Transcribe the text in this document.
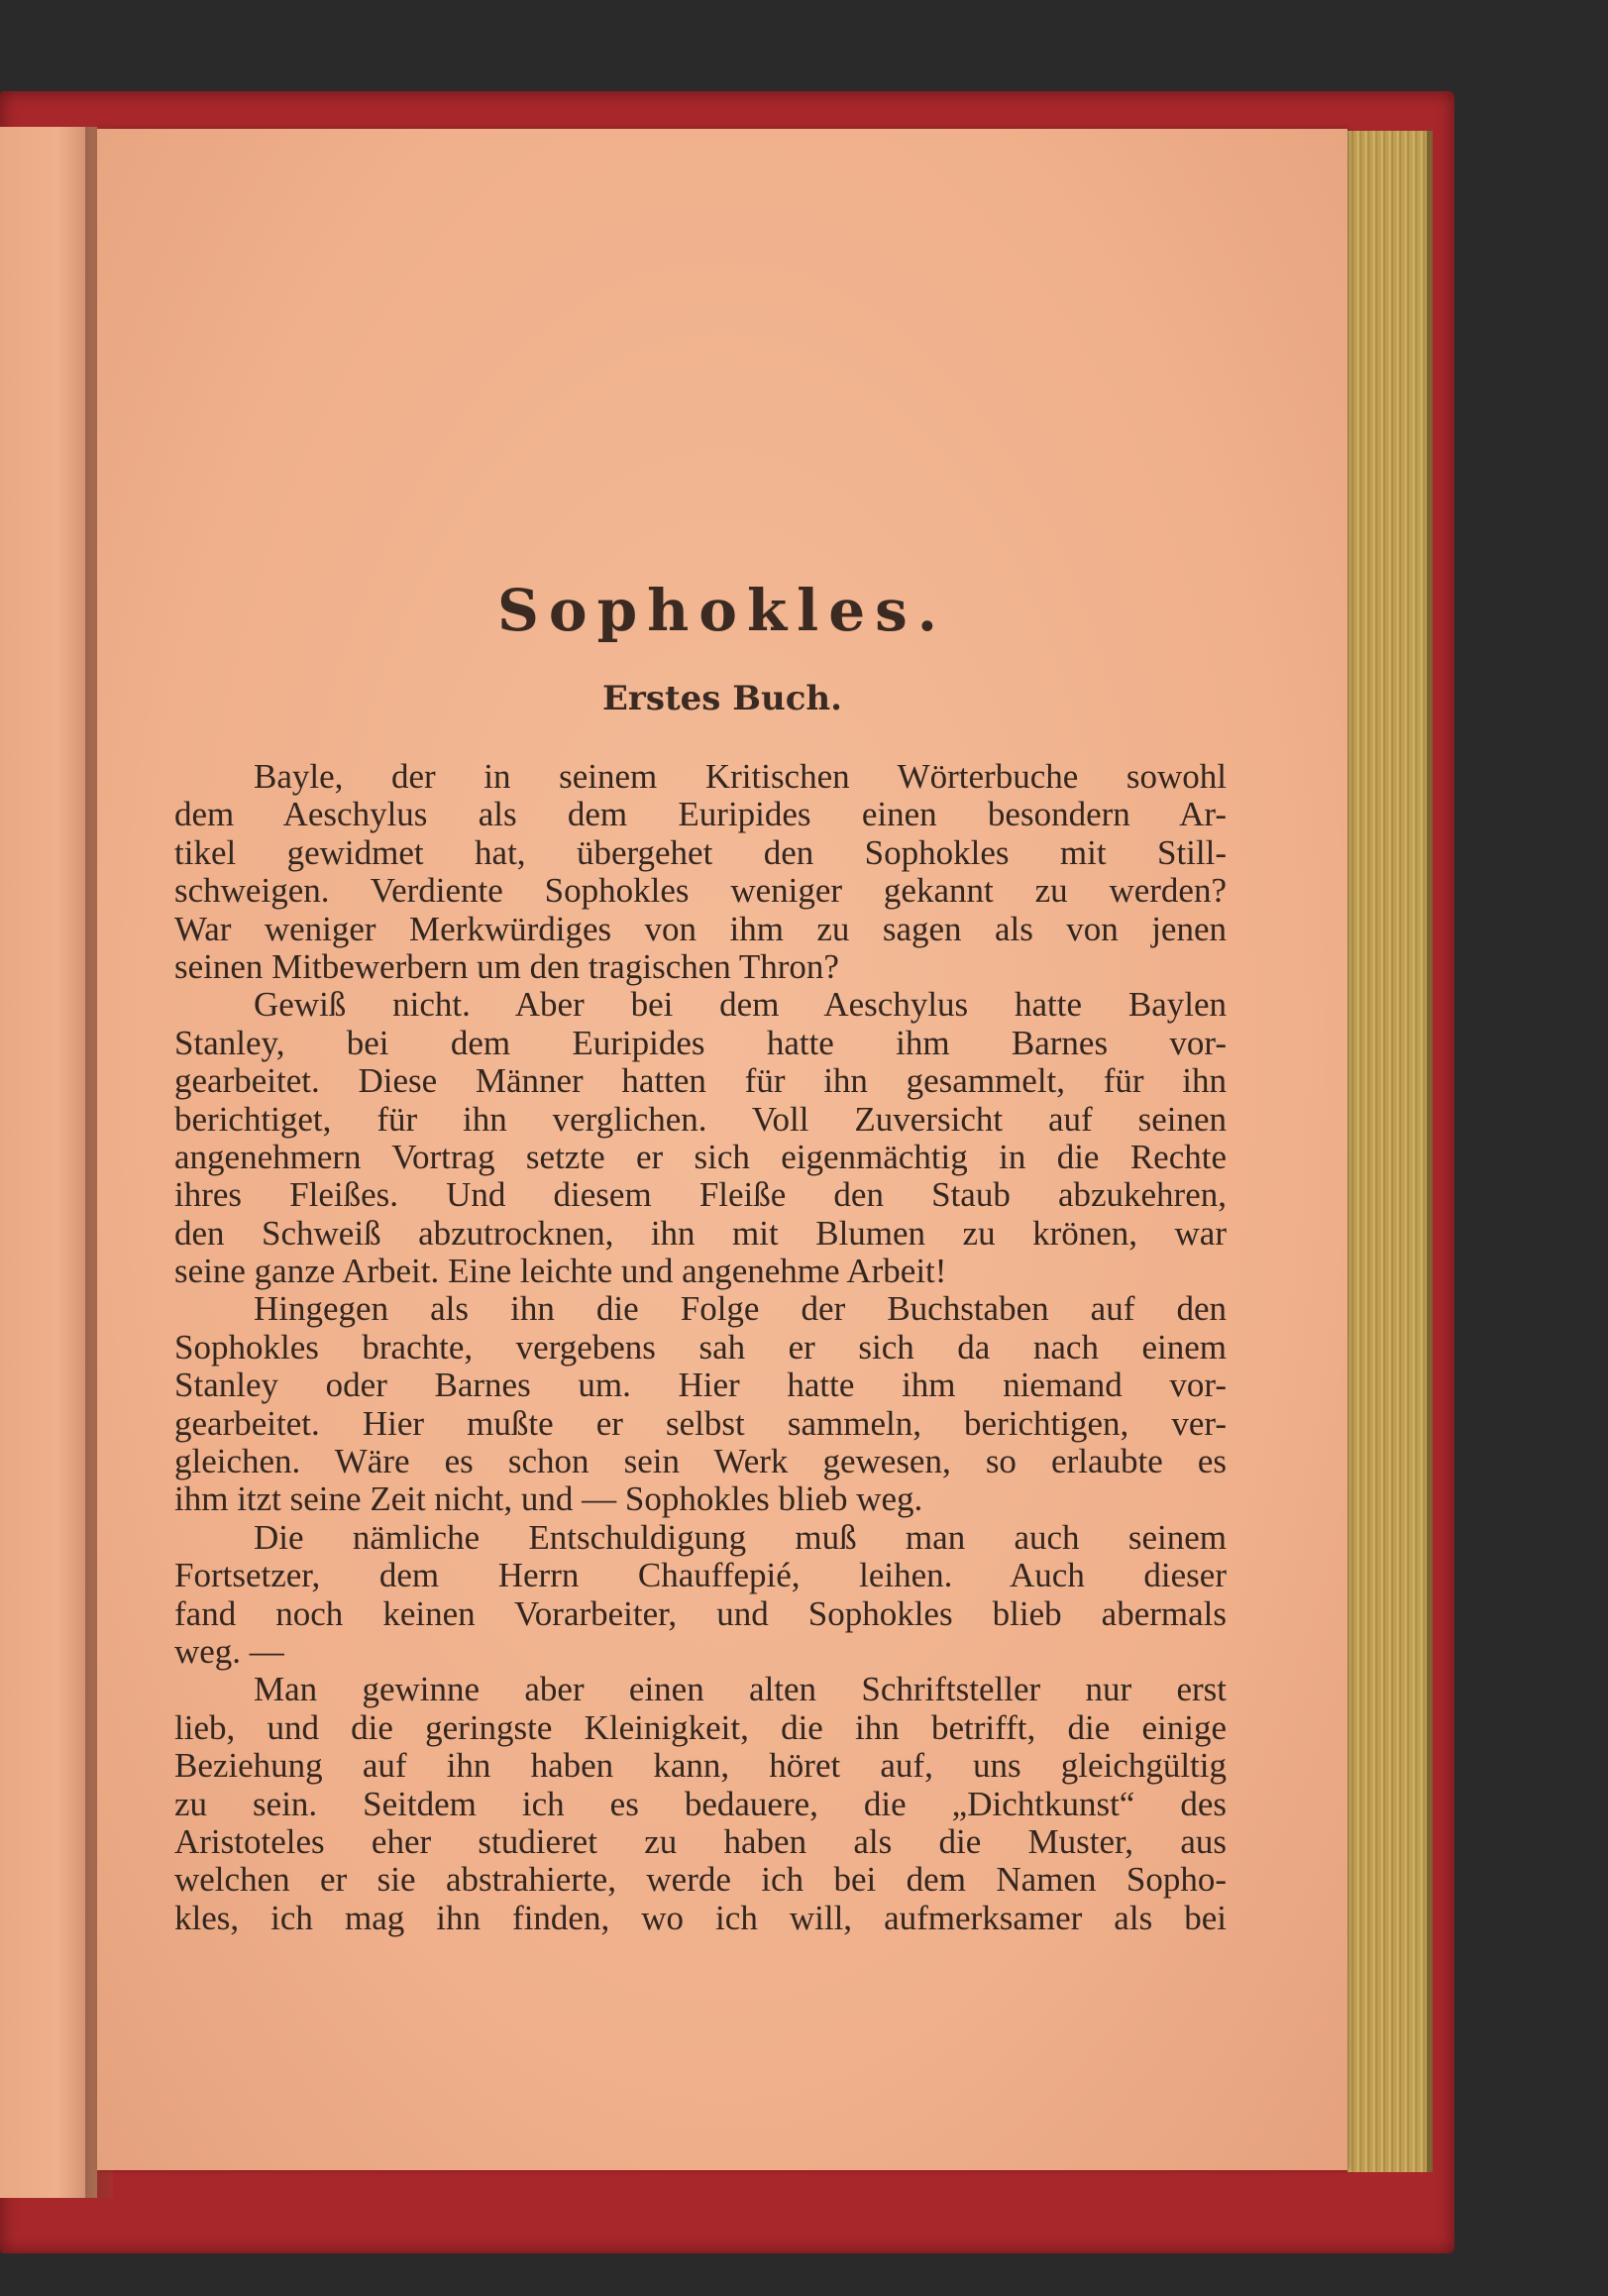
Sophokles.
Erstes Buch.
Bayle, der in seinem Kritischen Wörterbuche sowohl
dem Aeschylus als dem Euripides einen besondern Ar-
tikel gewidmet hat, übergehet den Sophokles mit Still-
schweigen. Verdiente Sophokles weniger gekannt zu werden?
War weniger Merkwürdiges von ihm zu sagen als von jenen
seinen Mitbewerbern um den tragischen Thron?
Gewiß nicht. Aber bei dem Aeschylus hatte Baylen
Stanley, bei dem Euripides hatte ihm Barnes vor-
gearbeitet. Diese Männer hatten für ihn gesammelt, für ihn
berichtiget, für ihn verglichen. Voll Zuversicht auf seinen
angenehmern Vortrag setzte er sich eigenmächtig in die Rechte
ihres Fleißes. Und diesem Fleiße den Staub abzukehren,
den Schweiß abzutrocknen, ihn mit Blumen zu krönen, war
seine ganze Arbeit. Eine leichte und angenehme Arbeit!
Hingegen als ihn die Folge der Buchstaben auf den
Sophokles brachte, vergebens sah er sich da nach einem
Stanley oder Barnes um. Hier hatte ihm niemand vor-
gearbeitet. Hier mußte er selbst sammeln, berichtigen, ver-
gleichen. Wäre es schon sein Werk gewesen, so erlaubte es
ihm itzt seine Zeit nicht, und — Sophokles blieb weg.
Die nämliche Entschuldigung muß man auch seinem
Fortsetzer, dem Herrn Chauffepié, leihen. Auch dieser
fand noch keinen Vorarbeiter, und Sophokles blieb abermals
weg. —
Man gewinne aber einen alten Schriftsteller nur erst
lieb, und die geringste Kleinigkeit, die ihn betrifft, die einige
Beziehung auf ihn haben kann, höret auf, uns gleichgültig
zu sein. Seitdem ich es bedauere, die „Dichtkunst“ des
Aristoteles eher studieret zu haben als die Muster, aus
welchen er sie abstrahierte, werde ich bei dem Namen Sopho-
kles, ich mag ihn finden, wo ich will, aufmerksamer als bei
